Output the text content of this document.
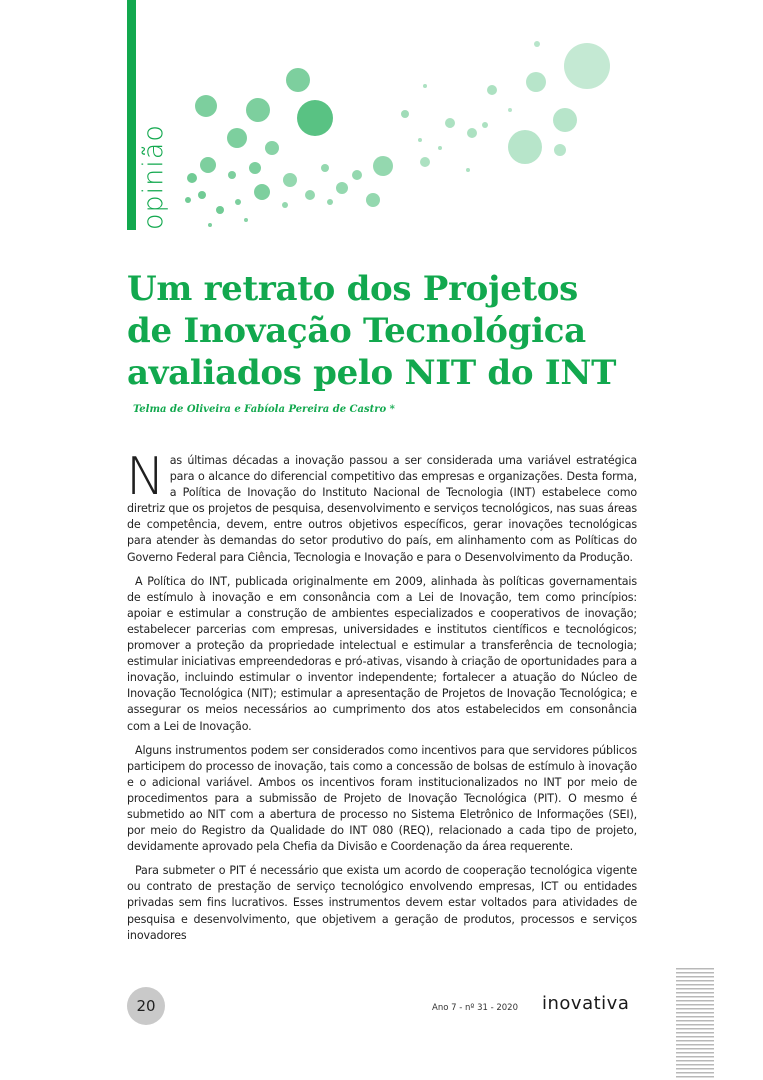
opinião
Um retrato dos Projetos
de Inovação Tecnológica
avaliados pelo NIT do INT
Telma de Oliveira e Fabíola Pereira de Castro *

Nas últimas décadas a inovação passou a ser considerada uma variável estratégica para o alcance do diferencial competitivo das empresas e organizações. Desta forma, a Política de Inovação do Instituto Nacional de Tecnologia (INT) estabelece como diretriz que os projetos de pesquisa, desenvolvimento e serviços tecnológicos, nas suas áreas de competência, devem, entre outros objetivos específicos, gerar inovações tecnológicas para atender às demandas do setor produtivo do país, em alinhamento com as Políticas do Governo Federal para Ciência, Tecnologia e Inovação e para o Desenvolvimento da Produção.

A Política do INT, publicada originalmente em 2009, alinhada às políticas governamentais de estímulo à inovação e em consonância com a Lei de Inovação, tem como princípios: apoiar e estimular a construção de ambientes especializados e cooperativos de inovação; estabelecer parcerias com empresas, universidades e institutos científicos e tecnológicos; promover a proteção da propriedade intelectual e estimular a transferência de tecnologia; estimular iniciativas empreendedoras e pró-ativas, visando à criação de oportunidades para a inovação, incluindo estimular o inventor independente; fortalecer a atuação do Núcleo de Inovação Tecnológica (NIT); estimular a apresentação de Projetos de Inovação Tecnológica; e assegurar os meios necessários ao cumprimento dos atos estabelecidos em consonância com a Lei de Inovação.

Alguns instrumentos podem ser considerados como incentivos para que servidores públicos participem do processo de inovação, tais como a concessão de bolsas de estímulo à inovação e o adicional variável. Ambos os incentivos foram institucionalizados no INT por meio de procedimentos para a submissão de Projeto de Inovação Tecnológica (PIT). O mesmo é submetido ao NIT com a abertura de processo no Sistema Eletrônico de Informações (SEI), por meio do Registro da Qualidade do INT 080 (REQ), relacionado a cada tipo de projeto, devidamente aprovado pela Chefia da Divisão e Coordenação da área requerente.

Para submeter o PIT é necessário que exista um acordo de cooperação tecnológica vigente ou contrato de prestação de serviço tecnológico envolvendo empresas, ICT ou entidades privadas sem fins lucrativos. Esses instrumentos devem estar voltados para atividades de pesquisa e desenvolvimento, que objetivem a geração de produtos, processos e serviços inovadores

20	Ano 7 - nº 31 - 2020 inovativa
